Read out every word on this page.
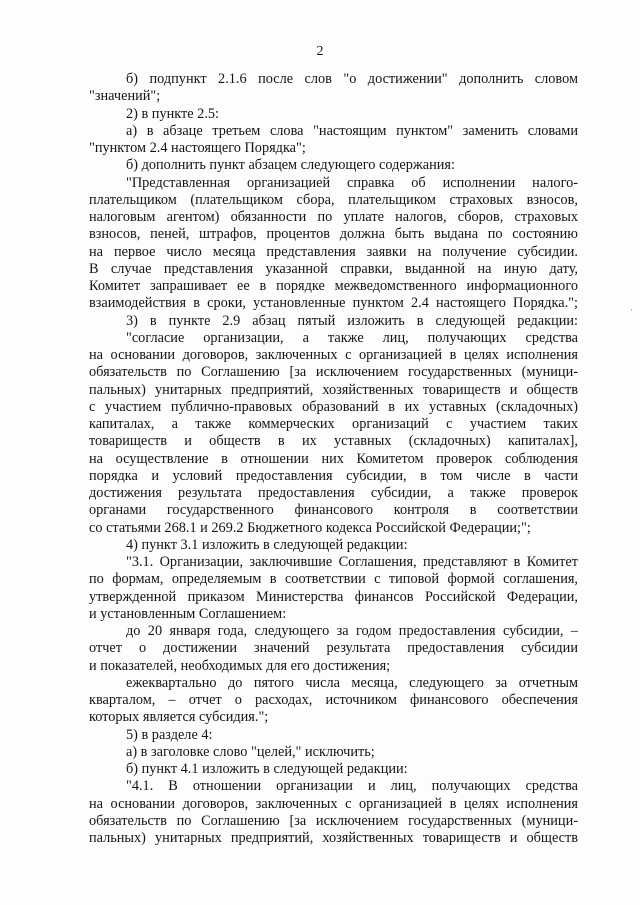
2
б) подпункт 2.1.6 после слов "о достижении" дополнить словом
"значений";
2) в пункте 2.5:
а) в абзаце третьем слова "настоящим пунктом" заменить словами
"пунктом 2.4 настоящего Порядка";
б) дополнить пункт абзацем следующего содержания:
"Представленная организацией справка об исполнении налого-
плательщиком (плательщиком сбора, плательщиком страховых взносов,
налоговым агентом) обязанности по уплате налогов, сборов, страховых
взносов, пеней, штрафов, процентов должна быть выдана по состоянию
на первое число месяца представления заявки на получение субсидии.
В случае представления указанной справки, выданной на иную дату,
Комитет запрашивает ее в порядке межведомственного информационного
взаимодействия в сроки, установленные пунктом 2.4 настоящего Порядка.";
3) в пункте 2.9 абзац пятый изложить в следующей редакции:
"согласие организации, а также лиц, получающих средства
на основании договоров, заключенных с организацией в целях исполнения
обязательств по Соглашению [за исключением государственных (муници-
пальных) унитарных предприятий, хозяйственных товариществ и обществ
с участием публично-правовых образований в их уставных (складочных)
капиталах, а также коммерческих организаций с участием таких
товариществ и обществ в их уставных (складочных) капиталах],
на осуществление в отношении них Комитетом проверок соблюдения
порядка и условий предоставления субсидии, в том числе в части
достижения результата предоставления субсидии, а также проверок
органами государственного финансового контроля в соответствии
со статьями 268.1 и 269.2 Бюджетного кодекса Российской Федерации;";
4) пункт 3.1 изложить в следующей редакции:
"3.1. Организации, заключившие Соглашения, представляют в Комитет
по формам, определяемым в соответствии с типовой формой соглашения,
утвержденной приказом Министерства финансов Российской Федерации,
и установленным Соглашением:
до 20 января года, следующего за годом предоставления субсидии, –
отчет о достижении значений результата предоставления субсидии
и показателей, необходимых для его достижения;
ежеквартально до пятого числа месяца, следующего за отчетным
кварталом, – отчет о расходах, источником финансового обеспечения
которых является субсидия.";
5) в разделе 4:
а) в заголовке слово "целей," исключить;
б) пункт 4.1 изложить в следующей редакции:
"4.1. В отношении организации и лиц, получающих средства
на основании договоров, заключенных с организацией в целях исполнения
обязательств по Соглашению [за исключением государственных (муници-
пальных) унитарных предприятий, хозяйственных товариществ и обществ
·
